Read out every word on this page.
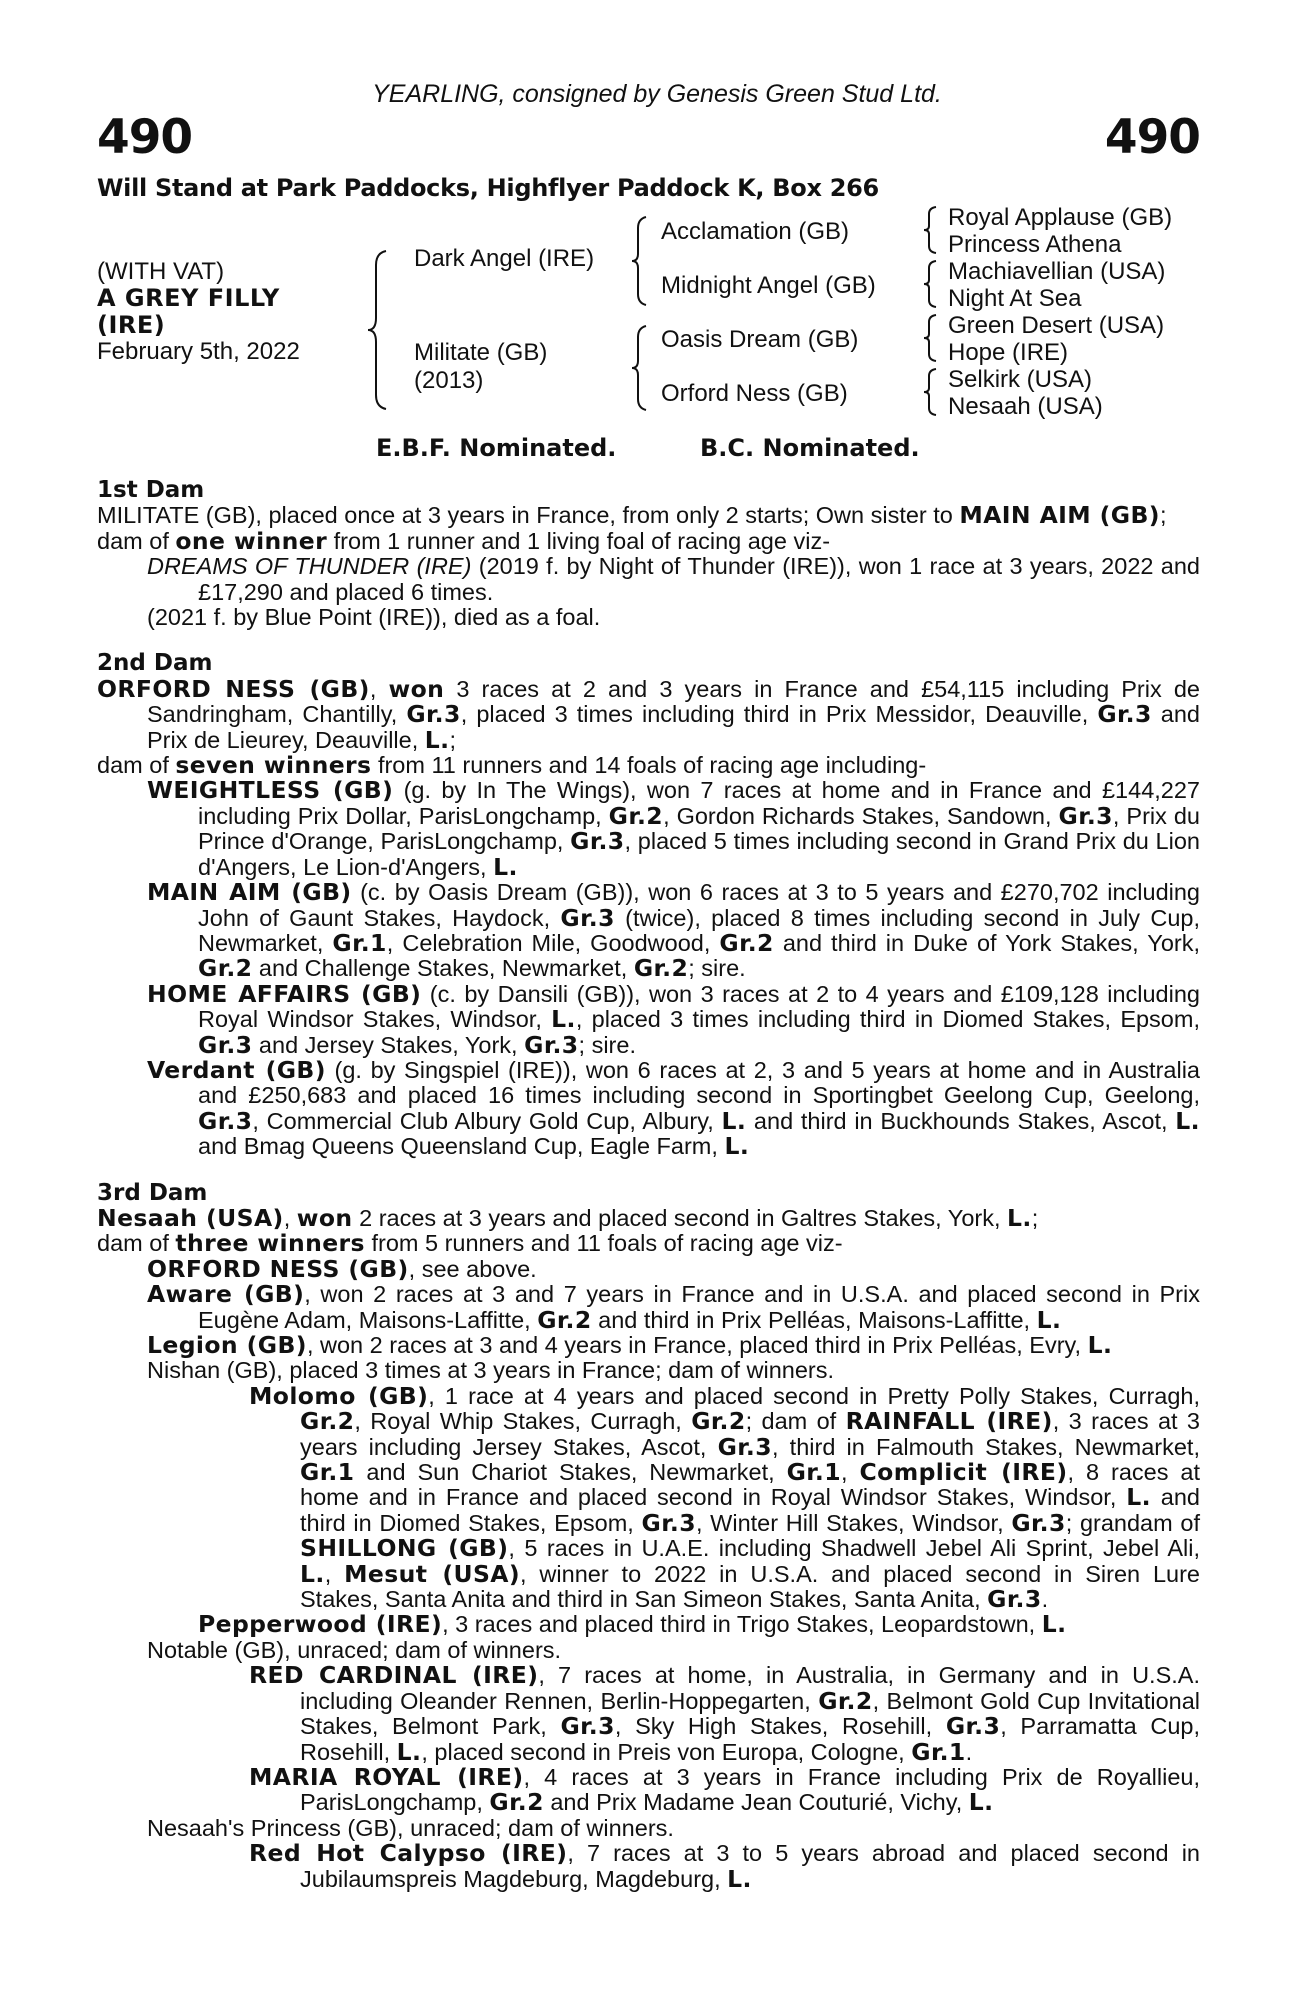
YEARLING, consigned by Genesis Green Stud Ltd.
490	490
Will Stand at Park Paddocks, Highflyer Paddock K, Box 266
(WITH VAT)
A GREY FILLY
(IRE)
February 5th, 2022
Dark Angel (IRE)
Militate (GB)
(2013)
Acclamation (GB)
Midnight Angel (GB)
Oasis Dream (GB)
Orford Ness (GB)
Royal Applause (GB)
Princess Athena
Machiavellian (USA)
Night At Sea
Green Desert (USA)
Hope (IRE)
Selkirk (USA)
Nesaah (USA)
E.B.F. Nominated.	B.C. Nominated.

1st Dam

MILITATE (GB), placed once at 3 years in France, from only 2 starts; Own sister to MAIN AIM (GB);

dam of one winner from 1 runner and 1 living foal of racing age viz-

DREAMS OF THUNDER (IRE) (2019 f. by Night of Thunder (IRE)), won 1 race at 3 years, 2022 and £17,290 and placed 6 times.

(2021 f. by Blue Point (IRE)), died as a foal.

2nd Dam

ORFORD NESS (GB), won 3 races at 2 and 3 years in France and £54,115 including Prix de Sandringham, Chantilly, Gr.3, placed 3 times including third in Prix Messidor, Deauville, Gr.3 and Prix de Lieurey, Deauville, L.;

dam of seven winners from 11 runners and 14 foals of racing age including-

WEIGHTLESS (GB) (g. by In The Wings), won 7 races at home and in France and £144,227 including Prix Dollar, ParisLongchamp, Gr.2, Gordon Richards Stakes, Sandown, Gr.3, Prix du Prince d'Orange, ParisLongchamp, Gr.3, placed 5 times including second in Grand Prix du Lion d'Angers, Le Lion-d'Angers, L.

MAIN AIM (GB) (c. by Oasis Dream (GB)), won 6 races at 3 to 5 years and £270,702 including John of Gaunt Stakes, Haydock, Gr.3 (twice), placed 8 times including second in July Cup, Newmarket, Gr.1, Celebration Mile, Goodwood, Gr.2 and third in Duke of York Stakes, York, Gr.2 and Challenge Stakes, Newmarket, Gr.2; sire.

HOME AFFAIRS (GB) (c. by Dansili (GB)), won 3 races at 2 to 4 years and £109,128 including Royal Windsor Stakes, Windsor, L., placed 3 times including third in Diomed Stakes, Epsom, Gr.3 and Jersey Stakes, York, Gr.3; sire.

Verdant (GB) (g. by Singspiel (IRE)), won 6 races at 2, 3 and 5 years at home and in Australia and £250,683 and placed 16 times including second in Sportingbet Geelong Cup, Geelong, Gr.3, Commercial Club Albury Gold Cup, Albury, L. and third in Buckhounds Stakes, Ascot, L. and Bmag Queens Queensland Cup, Eagle Farm, L.

3rd Dam

Nesaah (USA), won 2 races at 3 years and placed second in Galtres Stakes, York, L.;

dam of three winners from 5 runners and 11 foals of racing age viz-

ORFORD NESS (GB), see above.

Aware (GB), won 2 races at 3 and 7 years in France and in U.S.A. and placed second in Prix Eugène Adam, Maisons-Laffitte, Gr.2 and third in Prix Pelléas, Maisons-Laffitte, L.

Legion (GB), won 2 races at 3 and 4 years in France, placed third in Prix Pelléas, Evry, L.

Nishan (GB), placed 3 times at 3 years in France; dam of winners.

Molomo (GB), 1 race at 4 years and placed second in Pretty Polly Stakes, Curragh, Gr.2, Royal Whip Stakes, Curragh, Gr.2; dam of RAINFALL (IRE), 3 races at 3 years including Jersey Stakes, Ascot, Gr.3, third in Falmouth Stakes, Newmarket, Gr.1 and Sun Chariot Stakes, Newmarket, Gr.1, Complicit (IRE), 8 races at home and in France and placed second in Royal Windsor Stakes, Windsor, L. and third in Diomed Stakes, Epsom, Gr.3, Winter Hill Stakes, Windsor, Gr.3; grandam of SHILLONG (GB), 5 races in U.A.E. including Shadwell Jebel Ali Sprint, Jebel Ali, L., Mesut (USA), winner to 2022 in U.S.A. and placed second in Siren Lure Stakes, Santa Anita and third in San Simeon Stakes, Santa Anita, Gr.3.

Pepperwood (IRE), 3 races and placed third in Trigo Stakes, Leopardstown, L.

Notable (GB), unraced; dam of winners.

RED CARDINAL (IRE), 7 races at home, in Australia, in Germany and in U.S.A. including Oleander Rennen, Berlin-Hoppegarten, Gr.2, Belmont Gold Cup Invitational Stakes, Belmont Park, Gr.3, Sky High Stakes, Rosehill, Gr.3, Parramatta Cup, Rosehill, L., placed second in Preis von Europa, Cologne, Gr.1.

MARIA ROYAL (IRE), 4 races at 3 years in France including Prix de Royallieu, ParisLongchamp, Gr.2 and Prix Madame Jean Couturié, Vichy, L.

Nesaah's Princess (GB), unraced; dam of winners.

Red Hot Calypso (IRE), 7 races at 3 to 5 years abroad and placed second in Jubilaumspreis Magdeburg, Magdeburg, L.
